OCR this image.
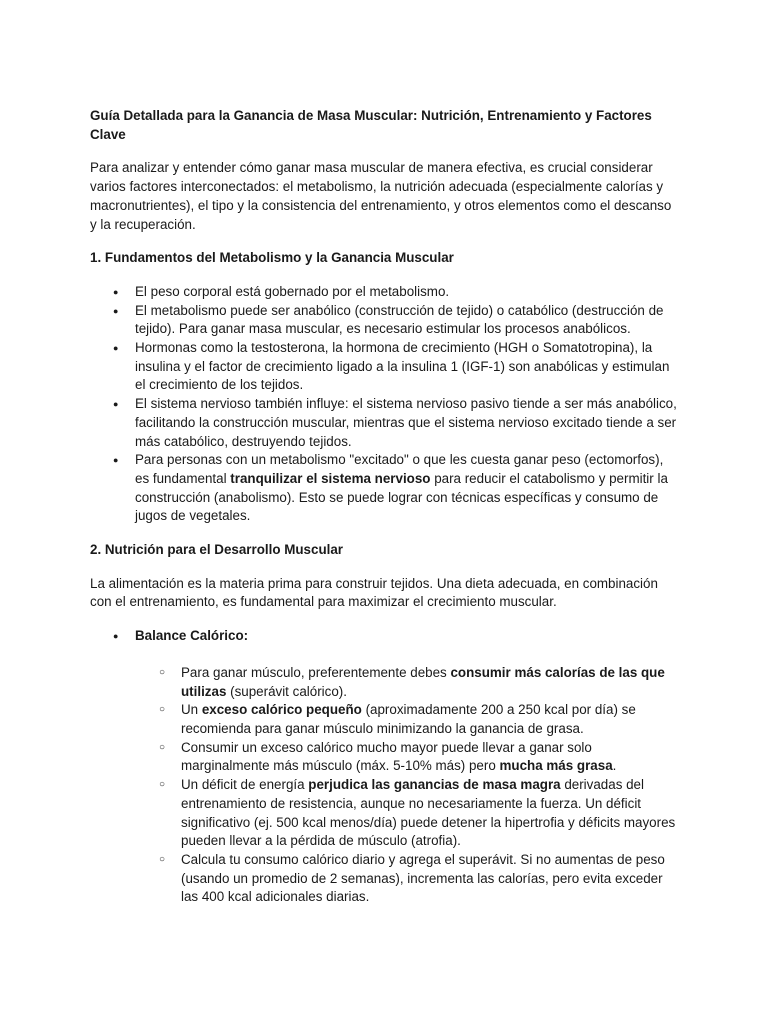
Guía Detallada para la Ganancia de Masa Muscular: Nutrición, Entrenamiento y Factores Clave

Para analizar y entender cómo ganar masa muscular de manera efectiva, es crucial considerar varios factores interconectados: el metabolismo, la nutrición adecuada (especialmente calorías y macronutrientes), el tipo y la consistencia del entrenamiento, y otros elementos como el descanso y la recuperación.

1. Fundamentos del Metabolismo y la Ganancia Muscular
● El peso corporal está gobernado por el metabolismo.
● El metabolismo puede ser anabólico (construcción de tejido) o catabólico (destrucción de tejido). Para ganar masa muscular, es necesario estimular los procesos anabólicos.
● Hormonas como la testosterona, la hormona de crecimiento (HGH o Somatotropina), la insulina y el factor de crecimiento ligado a la insulina 1 (IGF-1) son anabólicas y estimulan el crecimiento de los tejidos.
● El sistema nervioso también influye: el sistema nervioso pasivo tiende a ser más anabólico, facilitando la construcción muscular, mientras que el sistema nervioso excitado tiende a ser más catabólico, destruyendo tejidos.
● Para personas con un metabolismo "excitado" o que les cuesta ganar peso (ectomorfos), es fundamental tranquilizar el sistema nervioso para reducir el catabolismo y permitir la construcción (anabolismo). Esto se puede lograr con técnicas específicas y consumo de jugos de vegetales.
2. Nutrición para el Desarrollo Muscular

La alimentación es la materia prima para construir tejidos. Una dieta adecuada, en combinación con el entrenamiento, es fundamental para maximizar el crecimiento muscular.

● Balance Calórico:
○ Para ganar músculo, preferentemente debes consumir más calorías de las que utilizas (superávit calórico).
○ Un exceso calórico pequeño (aproximadamente 200 a 250 kcal por día) se recomienda para ganar músculo minimizando la ganancia de grasa.
○ Consumir un exceso calórico mucho mayor puede llevar a ganar solo marginalmente más músculo (máx. 5-10% más) pero mucha más grasa.
○ Un déficit de energía perjudica las ganancias de masa magra derivadas del entrenamiento de resistencia, aunque no necesariamente la fuerza. Un déficit significativo (ej. 500 kcal menos/día) puede detener la hipertrofia y déficits mayores pueden llevar a la pérdida de músculo (atrofia).
○ Calcula tu consumo calórico diario y agrega el superávit. Si no aumentas de peso (usando un promedio de 2 semanas), incrementa las calorías, pero evita exceder las 400 kcal adicionales diarias.
